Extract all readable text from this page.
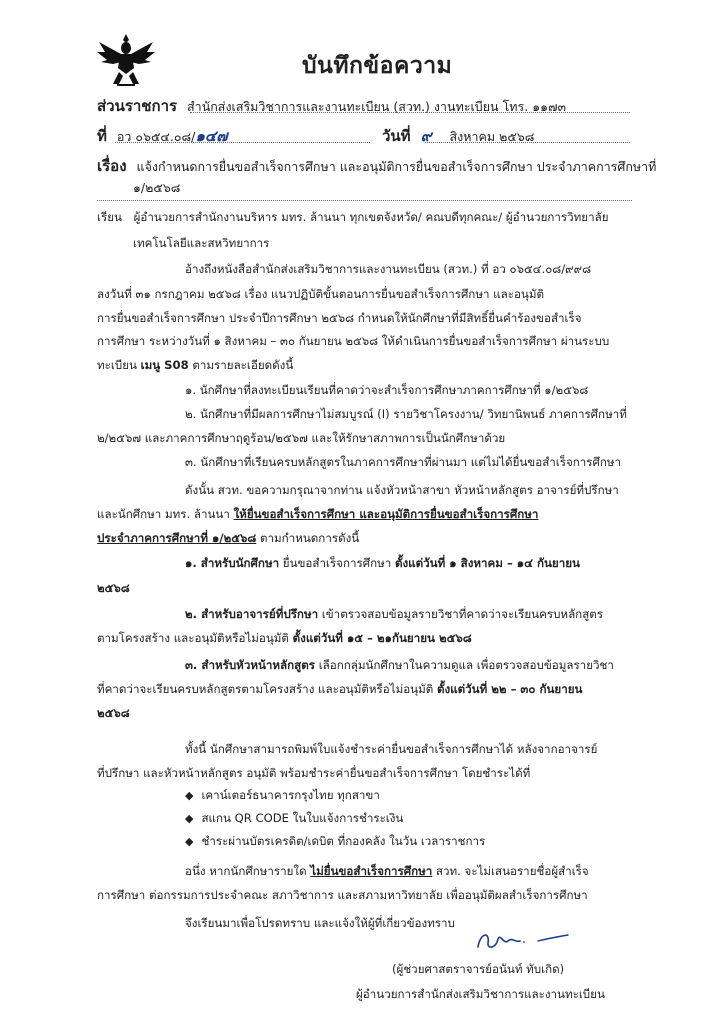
บันทึกข้อความ
ส่วนราชการ สำนักส่งเสริมวิชาการและงานทะเบียน (สวท.) งานทะเบียน โทร. ๑๑๗๓
ที่ อว ๐๖๕๔.๐๘/๑๔๗	วันที่ ๙ สิงหาคม ๒๕๖๘
เรื่อง แจ้งกำหนดการยื่นขอสำเร็จการศึกษา และอนุมัติการยื่นขอสำเร็จการศึกษา ประจำภาคการศึกษาที่
๑/๒๕๖๘
เรียน ผู้อำนวยการสำนักงานบริหาร มทร. ล้านนา ทุกเขตจังหวัด/ คณบดีทุกคณะ/ ผู้อำนวยการวิทยาลัย
เทคโนโลยีและสหวิทยาการ
อ้างถึงหนังสือสำนักส่งเสริมวิชาการและงานทะเบียน (สวท.) ที่ อว ๐๖๕๔.๐๘/๙๙๘
ลงวันที่ ๓๑ กรกฎาคม ๒๕๖๘ เรื่อง แนวปฏิบัติขั้นตอนการยื่นขอสำเร็จการศึกษา และอนุมัติ
การยื่นขอสำเร็จการศึกษา ประจำปีการศึกษา ๒๕๖๘ กำหนดให้นักศึกษาที่มีสิทธิ์ยื่นคำร้องขอสำเร็จ
การศึกษา ระหว่างวันที่ ๑ สิงหาคม – ๓๐ กันยายน ๒๕๖๘ ให้ดำเนินการยื่นขอสำเร็จการศึกษา ผ่านระบบ
ทะเบียน เมนู S08 ตามรายละเอียดดังนี้
๑. นักศึกษาที่ลงทะเบียนเรียนที่คาดว่าจะสำเร็จการศึกษาภาคการศึกษาที่ ๑/๒๕๖๘
๒. นักศึกษาที่มีผลการศึกษาไม่สมบูรณ์ (I) รายวิชาโครงงาน/ วิทยานิพนธ์ ภาคการศึกษาที่
๒/๒๕๖๗ และภาคการศึกษาฤดูร้อน/๒๕๖๗ และให้รักษาสภาพการเป็นนักศึกษาด้วย
๓. นักศึกษาที่เรียนครบหลักสูตรในภาคการศึกษาที่ผ่านมา แต่ไม่ได้ยื่นขอสำเร็จการศึกษา
ดังนั้น สวท. ขอความกรุณาจากท่าน แจ้งหัวหน้าสาขา หัวหน้าหลักสูตร อาจารย์ที่ปรึกษา
และนักศึกษา มทร. ล้านนา ให้ยื่นขอสำเร็จการศึกษา และอนุมัติการยื่นขอสำเร็จการศึกษา
ประจำภาคการศึกษาที่ ๑/๒๕๖๘ ตามกำหนดการดังนี้
๑. สำหรับนักศึกษา ยื่นขอสำเร็จการศึกษา ตั้งแต่วันที่ ๑ สิงหาคม – ๑๔ กันยายน
๒๕๖๘
๒. สำหรับอาจารย์ที่ปรึกษา เข้าตรวจสอบข้อมูลรายวิชาที่คาดว่าจะเรียนครบหลักสูตร
ตามโครงสร้าง และอนุมัติหรือไม่อนุมัติ ตั้งแต่วันที่ ๑๕ – ๒๑กันยายน ๒๕๖๘
๓. สำหรับหัวหน้าหลักสูตร เลือกกลุ่มนักศึกษาในความดูแล เพื่อตรวจสอบข้อมูลรายวิชา
ที่คาดว่าจะเรียนครบหลักสูตรตามโครงสร้าง และอนุมัติหรือไม่อนุมัติ ตั้งแต่วันที่ ๒๒ – ๓๐ กันยายน
๒๕๖๘
ทั้งนี้ นักศึกษาสามารถพิมพ์ใบแจ้งชำระค่ายื่นขอสำเร็จการศึกษาได้ หลังจากอาจารย์
ที่ปรึกษา และหัวหน้าหลักสูตร อนุมัติ พร้อมชำระค่ายื่นขอสำเร็จการศึกษา โดยชำระได้ที่
◆ เคาน์เตอร์ธนาคารกรุงไทย ทุกสาขา
◆ สแกน QR CODE ในใบแจ้งการชำระเงิน
◆ ชำระผ่านบัตรเครดิต/เดบิต ที่กองคลัง ในวัน เวลาราชการ
อนึ่ง หากนักศึกษารายใด ไม่ยื่นขอสำเร็จการศึกษา สวท. จะไม่เสนอรายชื่อผู้สำเร็จ
การศึกษา ต่อกรรมการประจำคณะ สภาวิชาการ และสภามหาวิทยาลัย เพื่ออนุมัติผลสำเร็จการศึกษา
จึงเรียนมาเพื่อโปรดทราบ และแจ้งให้ผู้ที่เกี่ยวข้องทราบ
(ผู้ช่วยศาสตราจารย์อนันท์ ทับเกิด)
ผู้อำนวยการสำนักส่งเสริมวิชาการและงานทะเบียน
